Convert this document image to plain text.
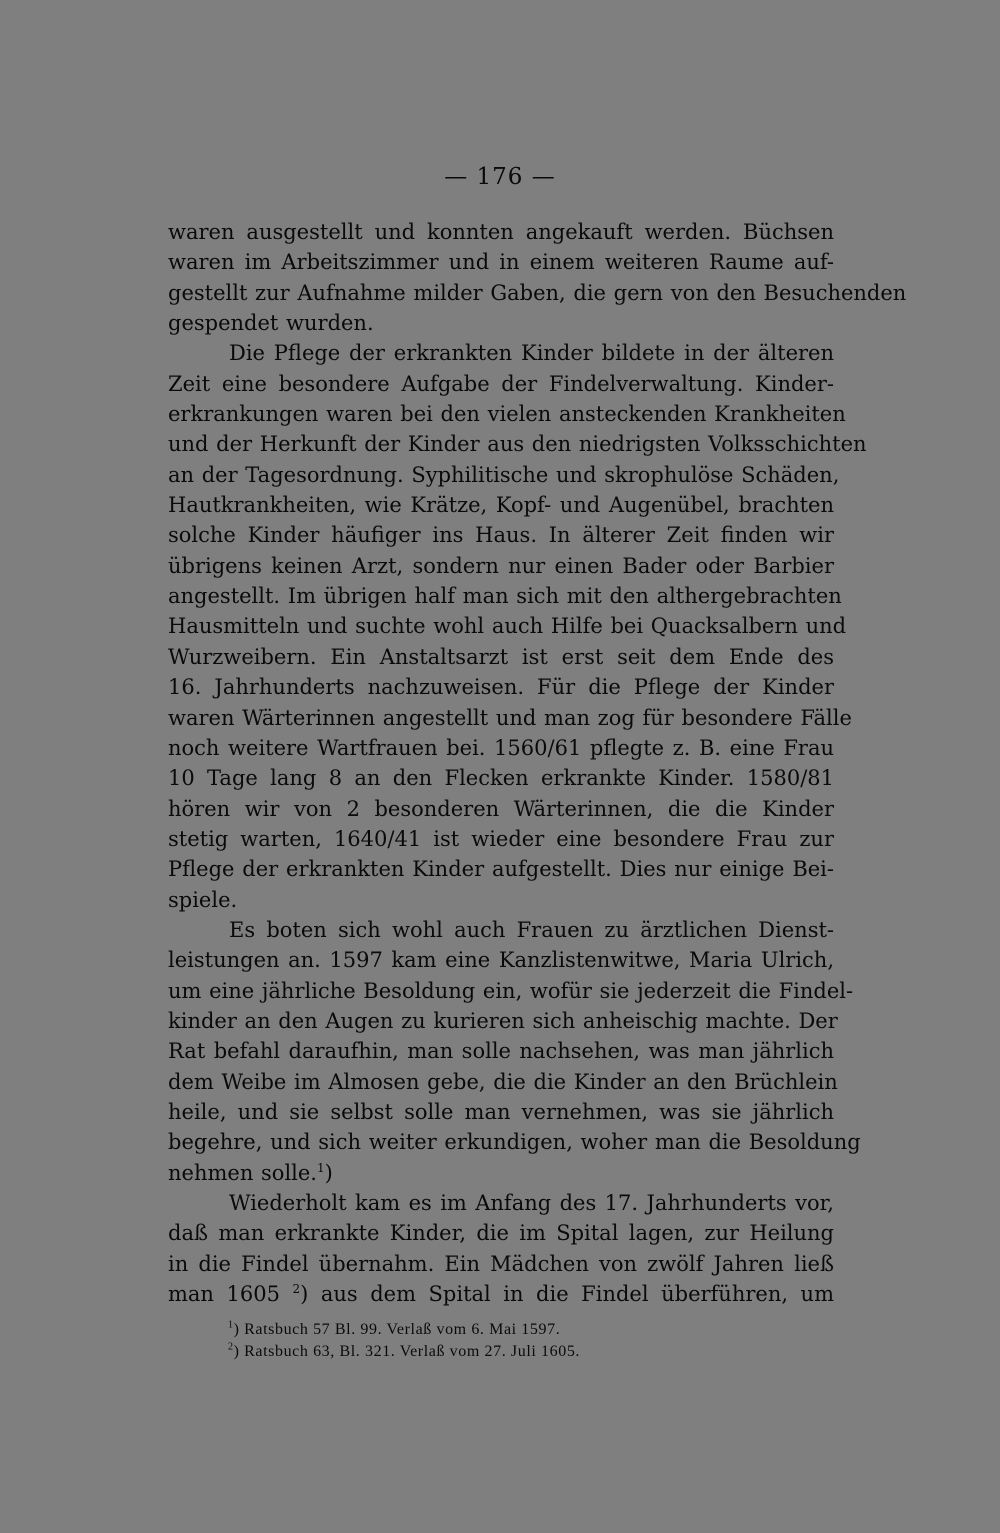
— 176 —
waren ausgestellt und konnten angekauft werden. Büchsen
waren im Arbeitszimmer und in einem weiteren Raume auf-
gestellt zur Aufnahme milder Gaben, die gern von den Besuchenden
gespendet wurden.
Die Pflege der erkrankten Kinder bildete in der älteren
Zeit eine besondere Aufgabe der Findelverwaltung. Kinder-
erkrankungen waren bei den vielen ansteckenden Krankheiten
und der Herkunft der Kinder aus den niedrigsten Volksschichten
an der Tagesordnung. Syphilitische und skrophulöse Schäden,
Hautkrankheiten, wie Krätze, Kopf- und Augenübel, brachten
solche Kinder häufiger ins Haus. In älterer Zeit finden wir
übrigens keinen Arzt, sondern nur einen Bader oder Barbier
angestellt. Im übrigen half man sich mit den althergebrachten
Hausmitteln und suchte wohl auch Hilfe bei Quacksalbern und
Wurzweibern. Ein Anstaltsarzt ist erst seit dem Ende des
16. Jahrhunderts nachzuweisen. Für die Pflege der Kinder
waren Wärterinnen angestellt und man zog für besondere Fälle
noch weitere Wartfrauen bei. 1560/61 pflegte z. B. eine Frau
10 Tage lang 8 an den Flecken erkrankte Kinder. 1580/81
hören wir von 2 besonderen Wärterinnen, die die Kinder
stetig warten, 1640/41 ist wieder eine besondere Frau zur
Pflege der erkrankten Kinder aufgestellt. Dies nur einige Bei-
spiele.
Es boten sich wohl auch Frauen zu ärztlichen Dienst-
leistungen an. 1597 kam eine Kanzlistenwitwe, Maria Ulrich,
um eine jährliche Besoldung ein, wofür sie jederzeit die Findel-
kinder an den Augen zu kurieren sich anheischig machte. Der
Rat befahl daraufhin, man solle nachsehen, was man jährlich
dem Weibe im Almosen gebe, die die Kinder an den Brüchlein
heile, und sie selbst solle man vernehmen, was sie jährlich
begehre, und sich weiter erkundigen, woher man die Besoldung
nehmen solle.$^1$)
Wiederholt kam es im Anfang des 17. Jahrhunderts vor,
daß man erkrankte Kinder, die im Spital lagen, zur Heilung
in die Findel übernahm. Ein Mädchen von zwölf Jahren ließ
man 1605 $^2$) aus dem Spital in die Findel überführen, um
$^1$) Ratsbuch 57 Bl. 99. Verlaß vom 6. Mai 1597.
$^2$) Ratsbuch 63, Bl. 321. Verlaß vom 27. Juli 1605.
